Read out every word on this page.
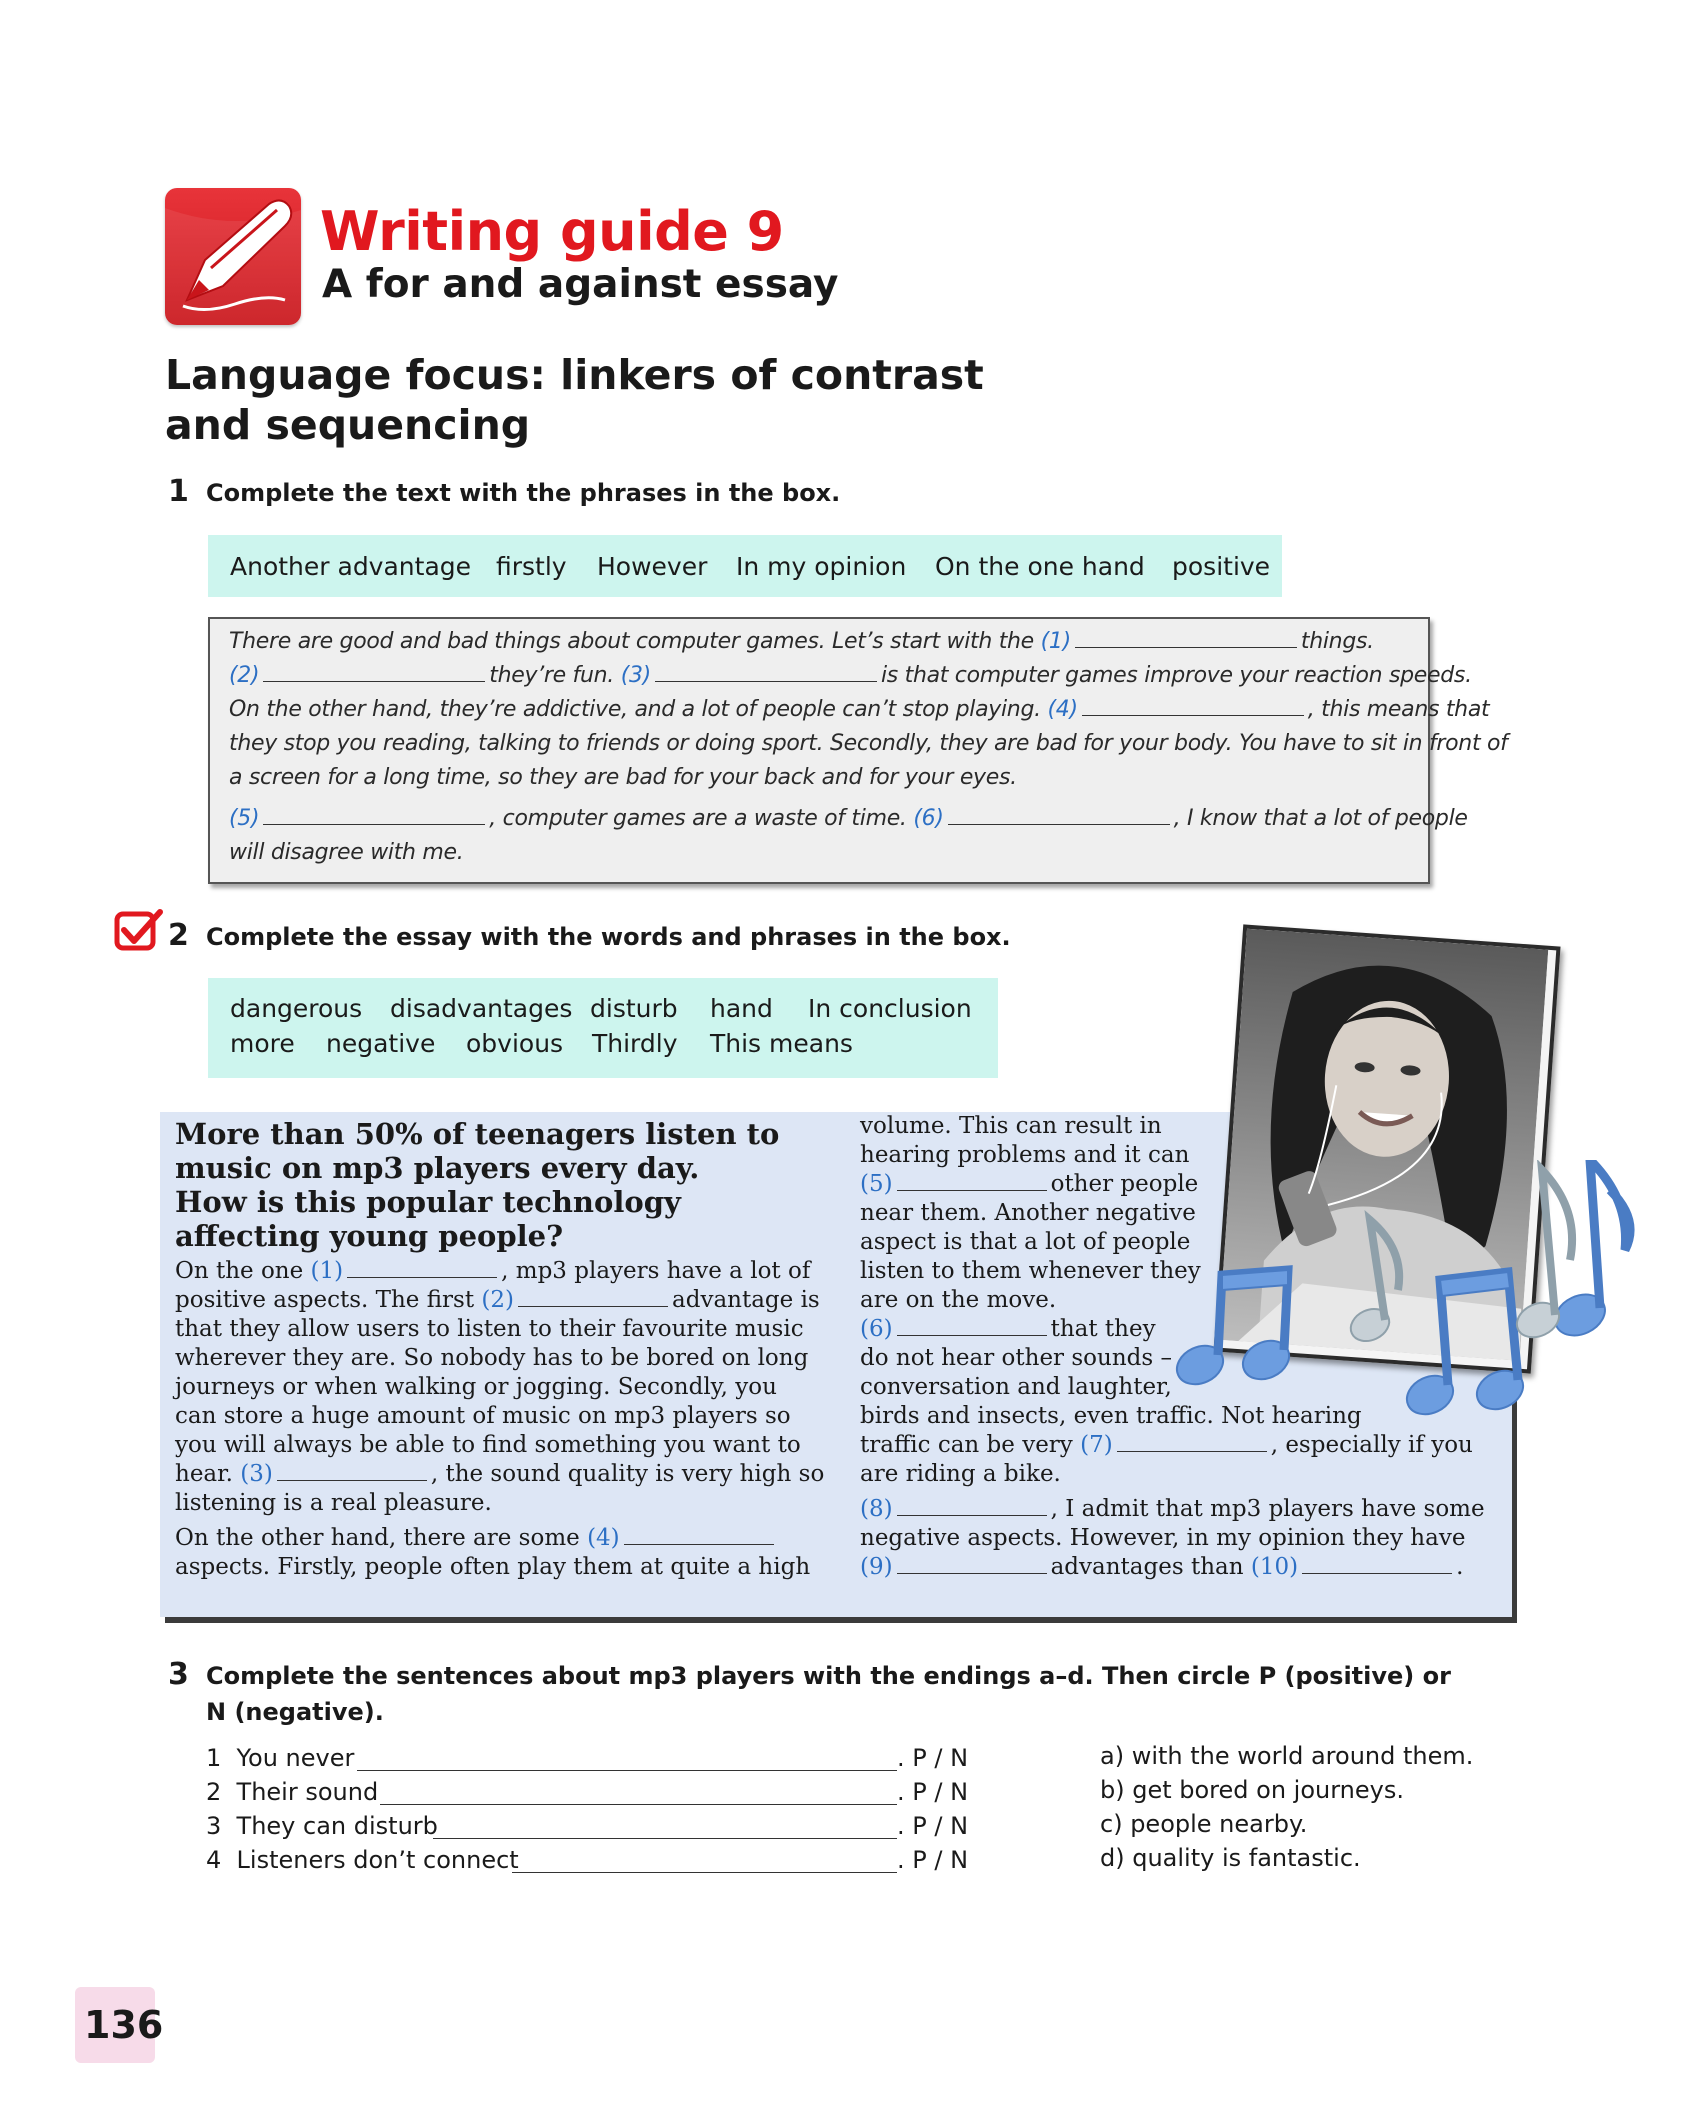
Writing guide 9
A for and against essay
Language focus: linkers of contrast
and sequencing
1 Complete the text with the phrases in the box.
Another advantage firstly However In my opinion On the one hand positive
There are good and bad things about computer games. Let’s start with the (1)	things.
(2)	they’re fun. (3)	is that computer games improve your reaction speeds.
On the other hand, they’re addictive, and a lot of people can’t stop playing. (4)	, this means that
they stop you reading, talking to friends or doing sport. Secondly, they are bad for your body. You have to sit in front of
a screen for a long time, so they are bad for your back and for your eyes.
(5)	, computer games are a waste of time. (6)	, I know that a lot of people
will disagree with me.
2 Complete the essay with the words and phrases in the box.
dangerous disadvantages disturb hand In conclusion
more negative obvious Thirdly This means
More than 50% of teenagers listen to
music on mp3 players every day.
How is this popular technology
affecting young people?
On the one (1)	, mp3 players have a lot of
positive aspects. The first (2)	advantage is
that they allow users to listen to their favourite music
wherever they are. So nobody has to be bored on long
journeys or when walking or jogging. Secondly, you
can store a huge amount of music on mp3 players so
you will always be able to find something you want to
hear. (3)	, the sound quality is very high so
listening is a real pleasure.
On the other hand, there are some (4)
aspects. Firstly, people often play them at quite a high
volume. This can result in
hearing problems and it can
(5)	other people
near them. Another negative
aspect is that a lot of people
listen to them whenever they
are on the move.
(6)	that they
do not hear other sounds –
conversation and laughter,
birds and insects, even traffic. Not hearing
traffic can be very (7)	, especially if you
are riding a bike.
(8)	, I admit that mp3 players have some
negative aspects. However, in my opinion they have
(9)	advantages than (10)	.
3 Complete the sentences about mp3 players with the endings a–d. Then circle P (positive) or
N (negative).
1 You never	. P / N
2 Their sound	. P / N
3 They can disturb	. P / N
4 Listeners don’t connect	. P / N
a) with the world around them.
b) get bored on journeys.
c) people nearby.
d) quality is fantastic.
136
